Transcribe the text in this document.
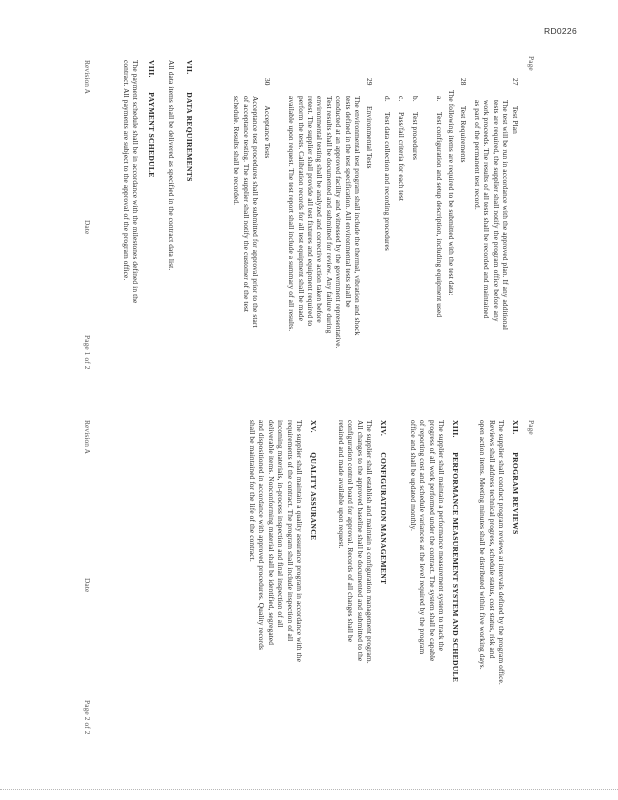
RD0226
Page
27 Test Plan
The test will be run in accordance with the approved plan. If any additional
tests are required, the supplier shall notify the program office before any
work proceeds. The results of all tests shall be recorded and maintained
as part of the permanent test record.
28 Test Requirements
The following items are required to be submitted with the test data:
a.Test configuration and setup description, including equipment used
b.Test procedures
c.Pass/fail criteria for each test
d.Test data collection and recording procedures
29 Environmental Tests
The environmental test program shall include the thermal, vibration and shock
tests defined in the test specification. All environmental tests shall be
conducted at an approved facility and witnessed by the government representative.
Test results shall be documented and submitted for review. Any failure during
environmental testing shall be analyzed and corrective action taken before
retest. The supplier shall provide all test fixtures and equipment required to
perform the tests. Calibration records for all test equipment shall be made
available upon request. The test report shall include a summary of all results.
30 Acceptance Tests
Acceptance test procedures shall be submitted for approval prior to the start
of acceptance testing. The supplier shall notify the customer of the test
schedule. Results shall be recorded.
VII. DATA REQUIREMENTS
All data items shall be delivered as specified in the contract data list.
VIII. PAYMENT SCHEDULE
The payment schedule shall be in accordance with the milestones defined in the
contract. All payments are subject to the approval of the program office.
Revision A
Date
Page 1 of 2
Page
XII. PROGRAM REVIEWS
The supplier shall conduct program reviews at intervals defined by the program office.
Reviews shall address technical progress, schedule status, cost status, risk and
open action items. Meeting minutes shall be distributed within five working days.
XIII. PERFORMANCE MEASUREMENT SYSTEM AND SCHEDULE
The supplier shall maintain a performance measurement system to track the
progress of all work performed under the contract. The system shall be capable
of reporting cost and schedule variances at the level required by the program
office and shall be updated monthly.
XIV. CONFIGURATION MANAGEMENT
The supplier shall establish and maintain a configuration management program.
All changes to the approved baseline shall be documented and submitted to the
configuration control board for approval. Records of all changes shall be
retained and made available upon request.
XV. QUALITY ASSURANCE
The supplier shall maintain a quality assurance program in accordance with the
requirements of the contract. The program shall include inspection of all
incoming materials, in-process inspection and final inspection of all
deliverable items. Nonconforming material shall be identified, segregated
and dispositioned in accordance with approved procedures. Quality records
shall be maintained for the life of the contract.
Revision A
Date
Page 2 of 2
